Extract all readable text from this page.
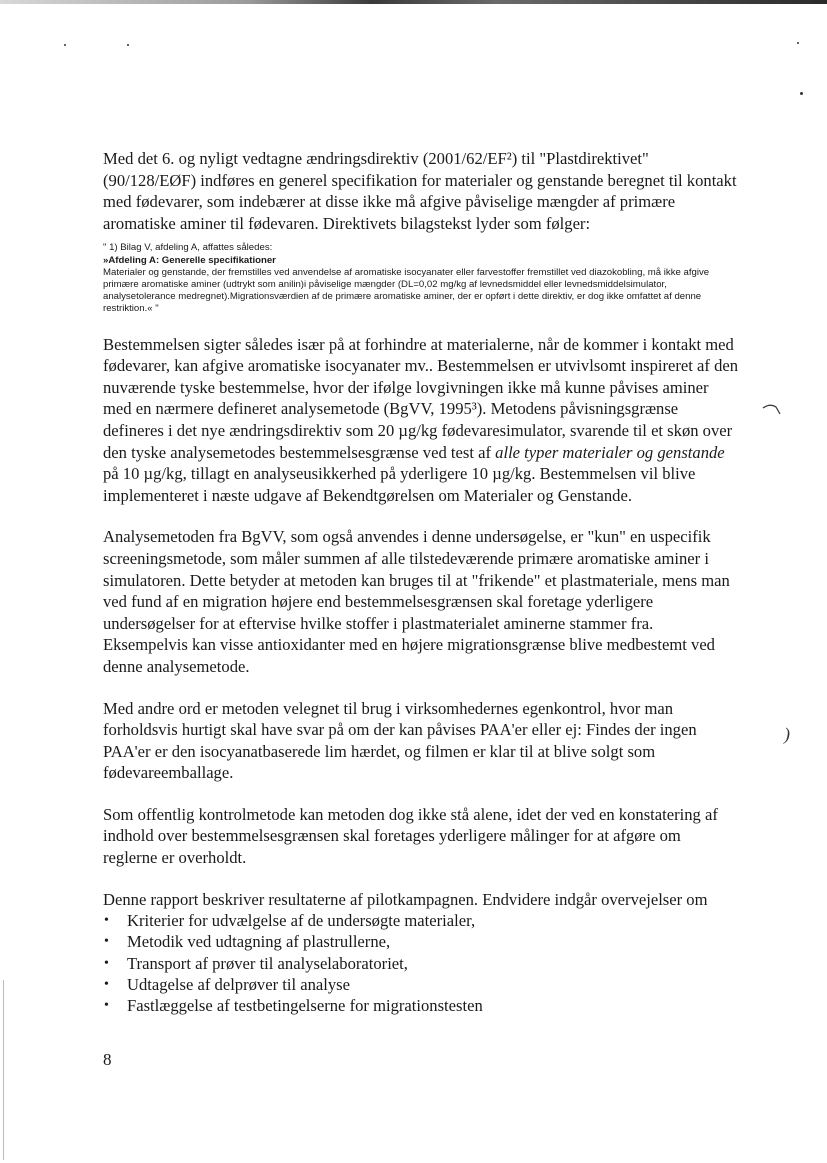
Med det 6. og nyligt vedtagne ændringsdirektiv (2001/62/EF²) til "Plastdirektivet" (90/128/EØF) indføres en generel specifikation for materialer og genstande beregnet til kontakt med fødevarer, som indebærer at disse ikke må afgive påviselige mængder af primære aromatiske aminer til fødevaren. Direktivets bilagstekst lyder som følger:

" 1) Bilag V, afdeling A, affattes således:
»Afdeling A: Generelle specifikationer
Materialer og genstande, der fremstilles ved anvendelse af aromatiske isocyanater eller farvestoffer fremstillet ved diazokobling, må ikke afgive primære aromatiske aminer (udtrykt som anilin)i påviselige mængder (DL=0,02 mg/kg af levnedsmiddel eller levnedsmiddelsimulator, analysetolerance medregnet).Migrationsværdien af de primære aromatiske aminer, der er opført i dette direktiv, er dog ikke omfattet af denne restriktion.« "

Bestemmelsen sigter således især på at forhindre at materialerne, når de kommer i kontakt med fødevarer, kan afgive aromatiske isocyanater mv.. Bestemmelsen er utvivlsomt inspireret af den nuværende tyske bestemmelse, hvor der ifølge lovgivningen ikke må kunne påvises aminer med en nærmere defineret analysemetode (BgVV, 1995³). Metodens påvisningsgrænse defineres i det nye ændringsdirektiv som 20 µg/kg fødevaresimulator, svarende til et skøn over den tyske analysemetodes bestemmelsesgrænse ved test af alle typer materialer og genstande på 10 µg/kg, tillagt en analyseusikkerhed på yderligere 10 µg/kg. Bestemmelsen vil blive implementeret i næste udgave af Bekendtgørelsen om Materialer og Genstande.

Analysemetoden fra BgVV, som også anvendes i denne undersøgelse, er "kun" en uspecifik screeningsmetode, som måler summen af alle tilstedeværende primære aromatiske aminer i simulatoren. Dette betyder at metoden kan bruges til at "frikende" et plastmateriale, mens man ved fund af en migration højere end bestemmelsesgrænsen skal foretage yderligere undersøgelser for at eftervise hvilke stoffer i plastmaterialet aminerne stammer fra. Eksempelvis kan visse antioxidanter med en højere migrationsgrænse blive medbestemt ved denne analysemetode.

Med andre ord er metoden velegnet til brug i virksomhedernes egenkontrol, hvor man forholdsvis hurtigt skal have svar på om der kan påvises PAA'er eller ej: Findes der ingen PAA'er er den isocyanatbaserede lim hærdet, og filmen er klar til at blive solgt som fødevareemballage.

Som offentlig kontrolmetode kan metoden dog ikke stå alene, idet der ved en konstatering af indhold over bestemmelsesgrænsen skal foretages yderligere målinger for at afgøre om reglerne er overholdt.

Denne rapport beskriver resultaterne af pilotkampagnen. Endvidere indgår overvejelser om

• Kriterier for udvælgelse af de undersøgte materialer,
• Metodik ved udtagning af plastrullerne,
• Transport af prøver til analyselaboratoriet,
• Udtagelse af delprøver til analyse
• Fastlæggelse af testbetingelserne for migrationstesten
)
8
